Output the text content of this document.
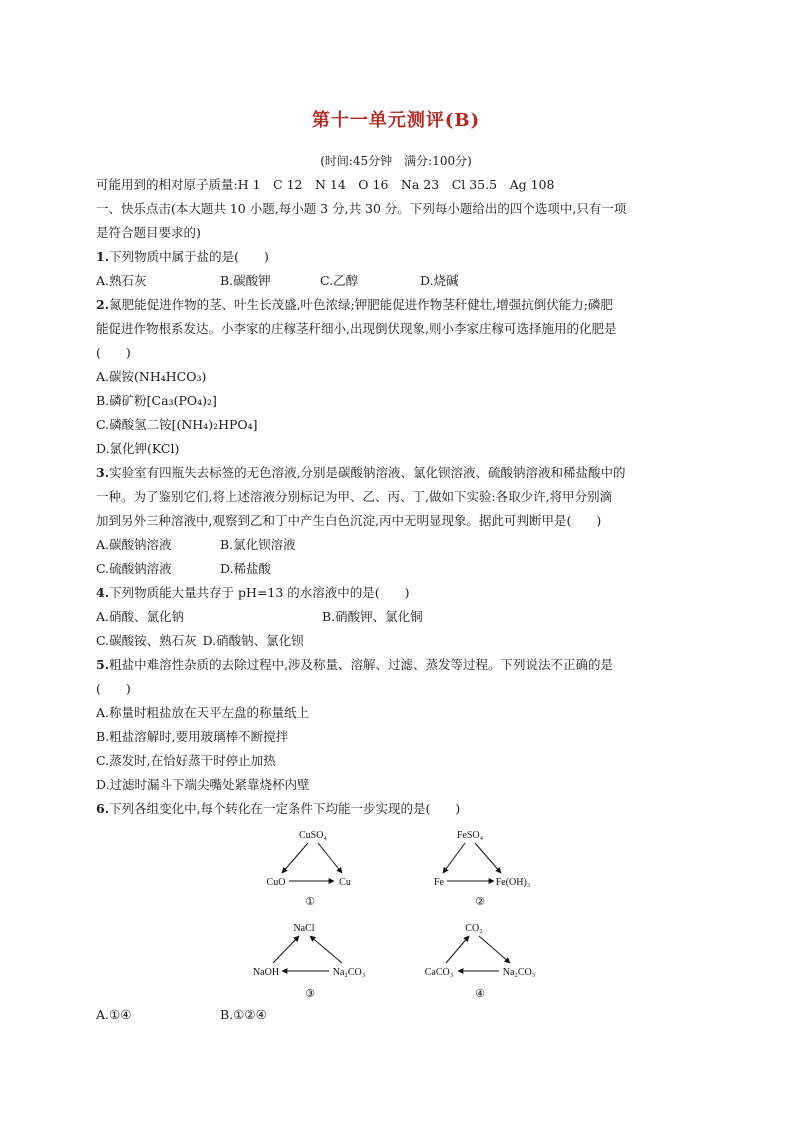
第十一单元测评(B)
(时间:45分钟　满分:100分)
可能用到的相对原子质量:H 1　C 12　N 14　O 16　Na 23　Cl 35.5　Ag 108
一、快乐点击(本大题共 10 小题,每小题 3 分,共 30 分。下列每小题给出的四个选项中,只有一项
是符合题目要求的)
1.下列物质中属于盐的是(　　)
A.熟石灰	B.碳酸钾	C.乙醇	D.烧碱
2.氮肥能促进作物的茎、叶生长茂盛,叶色浓绿;钾肥能促进作物茎秆健壮,增强抗倒伏能力;磷肥
能促进作物根系发达。小李家的庄稼茎秆细小,出现倒伏现象,则小李家庄稼可选择施用的化肥是
(　　)
A.碳铵(NH₄HCO₃)
B.磷矿粉[Ca₃(PO₄)₂]
C.磷酸氢二铵[(NH₄)₂HPO₄]
D.氯化钾(KCl)
3.实验室有四瓶失去标签的无色溶液,分别是碳酸钠溶液、氯化钡溶液、硫酸钠溶液和稀盐酸中的
一种。为了鉴别它们,将上述溶液分别标记为甲、乙、丙、丁,做如下实验:各取少许,将甲分别滴
加到另外三种溶液中,观察到乙和丁中产生白色沉淀,丙中无明显现象。据此可判断甲是(　　)
A.碳酸钠溶液	B.氯化钡溶液
C.硫酸钠溶液	D.稀盐酸
4.下列物质能大量共存于 pH=13 的水溶液中的是(　　)
A.硝酸、氯化钠	B.硝酸钾、氯化铜
C.碳酸铵、熟石灰 D.硝酸钠、氯化钡
5.粗盐中难溶性杂质的去除过程中,涉及称量、溶解、过滤、蒸发等过程。下列说法不正确的是
(　　)
A.称量时粗盐放在天平左盘的称量纸上
B.粗盐溶解时,要用玻璃棒不断搅拌
C.蒸发时,在恰好蒸干时停止加热
D.过滤时漏斗下端尖嘴处紧靠烧杯内壁
6.下列各组变化中,每个转化在一定条件下均能一步实现的是(　　)
CuSO₄
CuO	Cu
①
FeSO₄
Fe	Fe(OH)₃
②
NaCl
NaOH	Na₂CO₃
③
CO₂
CaCO₃	Na₂CO₃
④
A.①④	B.①②④
